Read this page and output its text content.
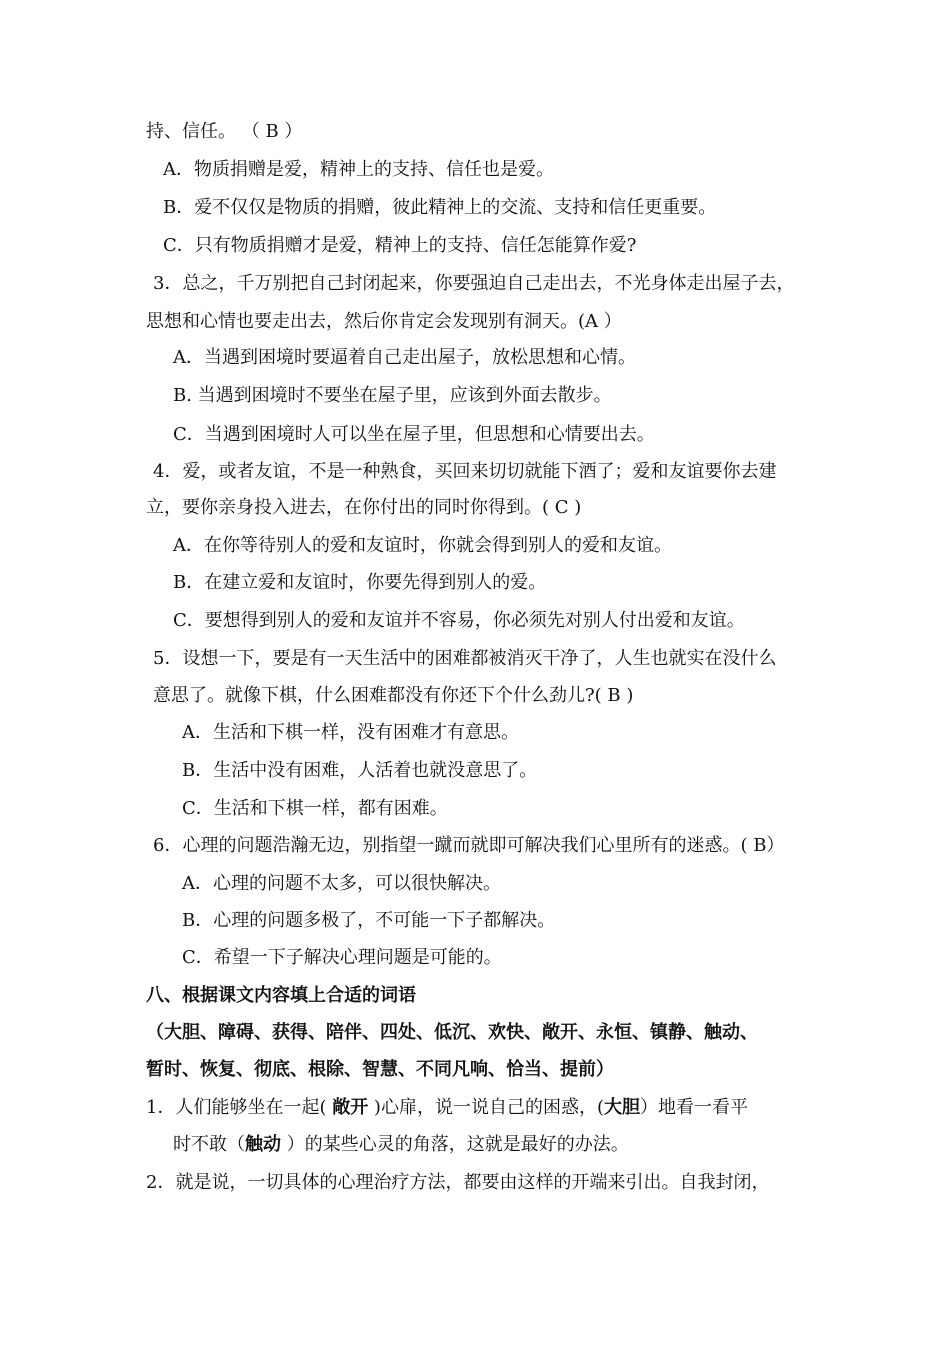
持、信任。 （ B ）
A．物质捐赠是爱，精神上的支持、信任也是爱。
B．爱不仅仅是物质的捐赠，彼此精神上的交流、支持和信任更重要。
C．只有物质捐赠才是爱，精神上的支持、信任怎能算作爱?
3．总之，千万别把自己封闭起来，你要强迫自己走出去，不光身体走出屋子去，
思想和心情也要走出去，然后你肯定会发现别有洞天。(A ）
A．当遇到困境时要逼着自己走出屋子，放松思想和心情。
B. 当遇到困境时不要坐在屋子里，应该到外面去散步。
C．当遇到困境时人可以坐在屋子里，但思想和心情要出去。
4．爱，或者友谊，不是一种熟食，买回来切切就能下酒了；爱和友谊要你去建
立，要你亲身投入进去，在你付出的同时你得到。( C )
A．在你等待别人的爱和友谊时，你就会得到别人的爱和友谊。
B．在建立爱和友谊时，你要先得到别人的爱。
C．要想得到别人的爱和友谊并不容易，你必须先对别人付出爱和友谊。
5．设想一下，要是有一天生活中的困难都被消灭干净了，人生也就实在没什么
意思了。就像下棋，什么困难都没有你还下个什么劲儿?( B )
A．生活和下棋一样，没有困难才有意思。
B．生活中没有困难，人活着也就没意思了。
C．生活和下棋一样，都有困难。
6．心理的问题浩瀚无边，别指望一蹴而就即可解决我们心里所有的迷惑。( B）
A．心理的问题不太多，可以很快解决。
B．心理的问题多极了，不可能一下子都解决。
C．希望一下子解决心理问题是可能的。
八、根据课文内容填上合适的词语
（大胆、障碍、获得、陪伴、四处、低沉、欢快、敞开、永恒、镇静、触动、
暂时、恢复、彻底、根除、智慧、不同凡响、恰当、提前）
1．人们能够坐在一起( 敞开 )心扉，说一说自己的困惑，(大胆）地看一看平
时不敢（触动 ）的某些心灵的角落，这就是最好的办法。
2．就是说，一切具体的心理治疗方法，都要由这样的开端来引出。自我封闭，
